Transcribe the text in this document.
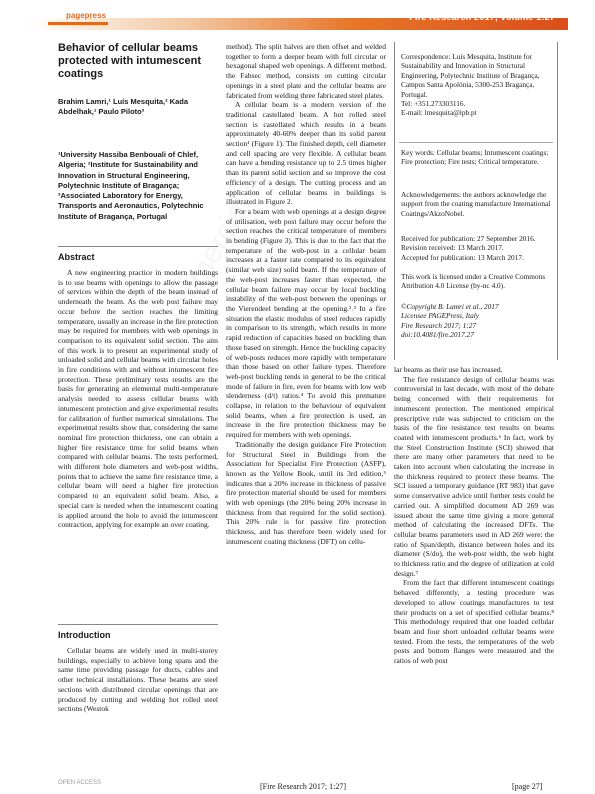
pagepress	Fire Research 2017; volume 1:27
Behavior of cellular beams protected with intumescent coatings
Brahim Lamri,¹ Luís Mesquita,² Kada Abdelhak,¹ Paulo Piloto³
¹University Hassiba Benbouali of Chlef, Algeria; ²Institute for Sustainability and Innovation in Structural Engineering, Polytechnic Institute of Bragança;
³Associated Laboratory for Energy, Transports and Aeronautics, Polytechnic Institute of Bragança, Portugal
Abstract

A new engineering practice in modern buildings is to use beams with openings to allow the passage of services within the depth of the beam instead of underneath the beam. As the web post failure may occur before the section reaches the limiting temperature, usually an increase in the fire protection may be required for members with web openings in comparison to its equivalent solid section. The aim of this work is to present an experimental study of unloaded solid and cellular beams with circular holes in fire conditions with and without intumescent fire protection. These preliminary tests results are the basis for generating an elemental multi-temperature analysis needed to assess cellular beams with intumescent protection and give experimental results for calibration of further numerical simulations. The experimental results show that, considering the same nominal fire protection thickness, one can obtain a higher fire resistance time for solid beams when compared with cellular beams. The tests performed, with different hole diameters and web-post widths, points that to achieve the same fire resistance time, a cellular beam will need a higher fire protection compared to an equivalent solid beam. Also, a special care is needed when the intumescent coating is applied around the hole to avoid the intumescent contraction, applying for example an over coating.

Introduction

Cellular beams are widely used in multi-storey buildings, especially to achieve long spans and the same time providing passage for ducts, cables and other technical installations. These beams are steel sections with distributed circular openings that are produced by cutting and welding hot rolled steel sections (Westok

method). The split halves are then offset and welded together to form a deeper beam with full circular or hexagonal shaped web openings. A different method, the Fabsec method, consists on cutting circular openings in a steel plate and the cellular beams are fabricated from welding three fabricated steel plates.

A cellular beam is a modern version of the traditional castellated beam. A hot rolled steel section is castellated which results in a beam approximately 40-60% deeper than its solid parent section¹ (Figure 1). The finished depth, cell diameter and cell spacing are very flexible. A cellular beam can have a bending resistance up to 2.5 times higher than its parent solid section and so improve the cost efficiency of a design. The cutting process and an application of cellular beams in buildings is illustrated in Figure 2.

For a beam with web openings at a design degree of utilisation, web post failure may occur before the section reaches the critical temperature of members in bending (Figure 3). This is due to the fact that the temperature of the web-post in a cellular beam increases at a faster rate compared to its equivalent (similar web size) solid beam. If the temperature of the web-post increases faster than expected, the cellular beam failure may occur by local buckling instability of the web-post between the openings or the Vierendeel bending at the opening.²˒³ In a fire situation the elastic modulus of steel reduces rapidly in comparison to its strength, which results in more rapid reduction of capacities based on buckling than those based on strength. Hence the buckling capacity of web-posts reduces more rapidly with temperature than those based on other failure types. Therefore web-post buckling tends in general to be the critical mode of failure in fire, even for beams with low web slenderness (d/t) ratios.⁴ To avoid this premature collapse, in relation to the behaviour of equivalent solid beams, when a fire protection is used, an increase in the fire protection thickness may be required for members with web openings.

Traditionally the design guidance Fire Protection for Structural Steel in Buildings from the Association for Specialist Fire Protection (ASFP), known as the Yellow Book, until its 3rd edition,⁵ indicates that a 20% increase in thickness of passive fire protection material should be used for members with web openings (the 20% being 20% increase in thickness from that required for the solid section). This 20% rule is for passive fire protection thickness, and has therefore been widely used for intumescent coating thickness (DFT) on cellu-

Correspondence: Luís Mesquita, Institute for Sustainability and Innovation in Structural Engineering, Polytechnic Institute of Bragança, Campus Santa Apolónia, 5300-253 Bragança, Portugal.
Tel: +351.273303116.
E-mail: lmesquita@ipb.pt
Key words: Cellular beams; Intumescent coatings; Fire protection; Fire tests; Critical temperature.
Acknowledgements: the authors acknowledge the support from the coating manufacture International Coatings/AkzoNobel.
Received for publication: 27 September 2016.
Revision received: 13 March 2017.
Accepted for publication: 13 March 2017.
This work is licensed under a Creative Commons Attribution 4.0 License (by-nc 4.0).
©Copyright B. Lamri et al., 2017
Licensee PAGEPress, Italy
Fire Research 2017; 1:27
doi:10.4081/fire.2017.27

lar beams as their use has increased.

The fire resistance design of cellular beams was controversial in last decade, with most of the debate being concerned with their requirements for intumescent protection. The mentioned empirical prescriptive rule was subjected to criticism on the basis of the fire resistance test results on beams coated with intumescent products.⁶ In fact, work by the Steel Construction Institute (SCI) showed that there are many other parameters that need to be taken into account when calculating the increase in the thickness required to protect these beams. The SCI issued a temporary guidance (RT 983) that gave some conservative advice until further tests could be carried out. A simplified document AD 269 was issued about the same time giving a more general method of calculating the increased DFTs. The cellular beams parameters used in AD 269 were: the ratio of Span/depth, distance between holes and its diameter (S/do), the web-post width, the web hight to thickness ratio and the degree of utilization at cold design.⁷

From the fact that different intumescent coatings behaved differently, a testing procedure was developed to allow coatings manufactures to test their products on a set of specified cellular beams.⁸ This methodology required that one loaded cellular beam and four short unloaded cellular beams were tested. From the tests, the temperatures of the web posts and bottom flanges were measured and the ratios of web post

OPEN ACCESS	[Fire Research 2017; 1:27]	[page 27]
